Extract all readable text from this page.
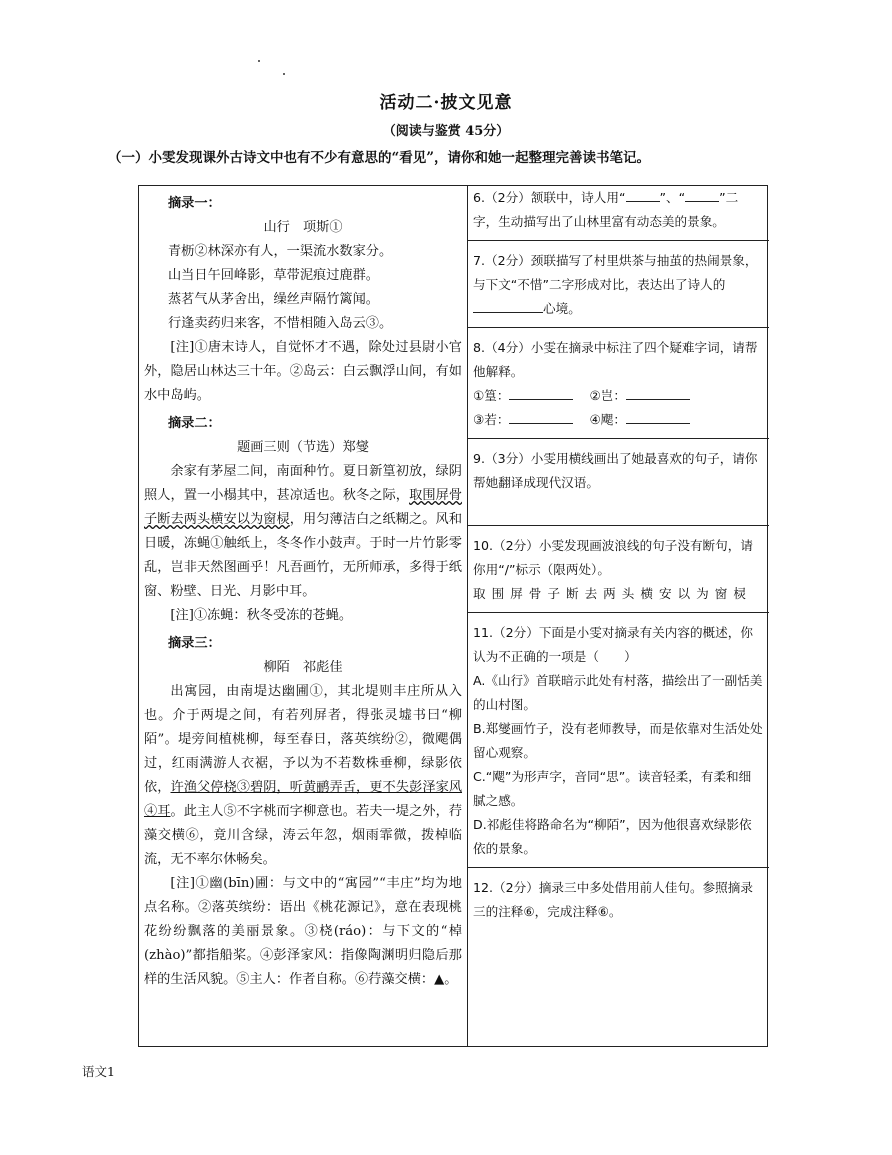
活动二·披文见意
（阅读与鉴赏 45分）
（一）小雯发现课外古诗文中也有不少有意思的“看见”，请你和她一起整理完善读书笔记。
摘录一：
山行　项斯①
青枥②林深亦有人，一渠流水数家分。
山当日午回峰影，草带泥痕过鹿群。
蒸茗气从茅舍出，缲丝声隔竹篱闻。
行逢卖药归来客，不惜相随入岛云③。
[注]①唐末诗人，自觉怀才不遇，除处过县尉小官外，隐居山林达三十年。②岛云：白云飘浮山间，有如水中岛屿。
摘录二：
题画三则（节选）郑燮
余家有茅屋二间，南面种竹。夏日新篁初放，绿阴照人，置一小榻其中，甚凉适也。秋冬之际，取围屏骨子断去两头横安以为窗棂，用匀薄洁白之纸糊之。风和日暖，冻蝇①触纸上，冬冬作小鼓声。于时一片竹影零乱，岂非天然图画乎！凡吾画竹，无所师承，多得于纸窗、粉壁、日光、月影中耳。
[注]①冻蝇：秋冬受冻的苍蝇。
摘录三：
柳陌　祁彪佳
出寓园，由南堤达幽圃①，其北堤则丰庄所从入也。介于两堤之间，有若列屏者，得张灵墟书曰“柳陌”。堤旁间植桃柳，每至春日，落英缤纷②，微飔偶过，红雨满游人衣裾，予以为不若数株垂柳，绿影依依，许渔父停桡③碧阴，听黄鹂弄舌，更不失彭泽家风④耳。此主人⑤不字桃而字柳意也。若夫一堤之外，荇藻交横⑥，竟川含绿，涛云年忽，烟雨霏微，拨棹临流，无不率尔休畅矣。
[注]①幽(bīn)圃：与文中的“寓园”“丰庄”均为地点名称。②落英缤纷：语出《桃花源记》，意在表现桃花纷纷飘落的美丽景象。③桡(ráo)：与下文的“棹(zhào)”都指船桨。④彭泽家风：指像陶渊明归隐后那样的生活风貌。⑤主人：作者自称。⑥荇藻交横：▲。
6.（2分）颔联中，诗人用“	”、“	”二字，生动描写出了山林里富有动态美的景象。
7.（2分）颈联描写了村里烘茶与抽茧的热闹景象，与下文“不惜”二字形成对比，表达出了诗人的心境。
8.（4分）小雯在摘录中标注了四个疑难字词，请帮他解释。
①篁：	②岂：
③若：	④飔：
9.（3分）小雯用横线画出了她最喜欢的句子，请你帮她翻译成现代汉语。
10.（2分）小雯发现画波浪线的句子没有断句，请你用“/”标示（限两处）。
取围屏骨子断去两头横安以为窗棂
11.（2分）下面是小雯对摘录有关内容的概述，你认为不正确的一项是（　　）
A.《山行》首联暗示此处有村落，描绘出了一副恬美的山村图。
B.郑燮画竹子，没有老师教导，而是依靠对生活处处留心观察。
C.“飔”为形声字，音同“思”。读音轻柔，有柔和细腻之感。
D.祁彪佳将路命名为“柳陌”，因为他很喜欢绿影依依的景象。
12.（2分）摘录三中多处借用前人佳句。参照摘录三的注释⑥，完成注释⑥。
语文1
